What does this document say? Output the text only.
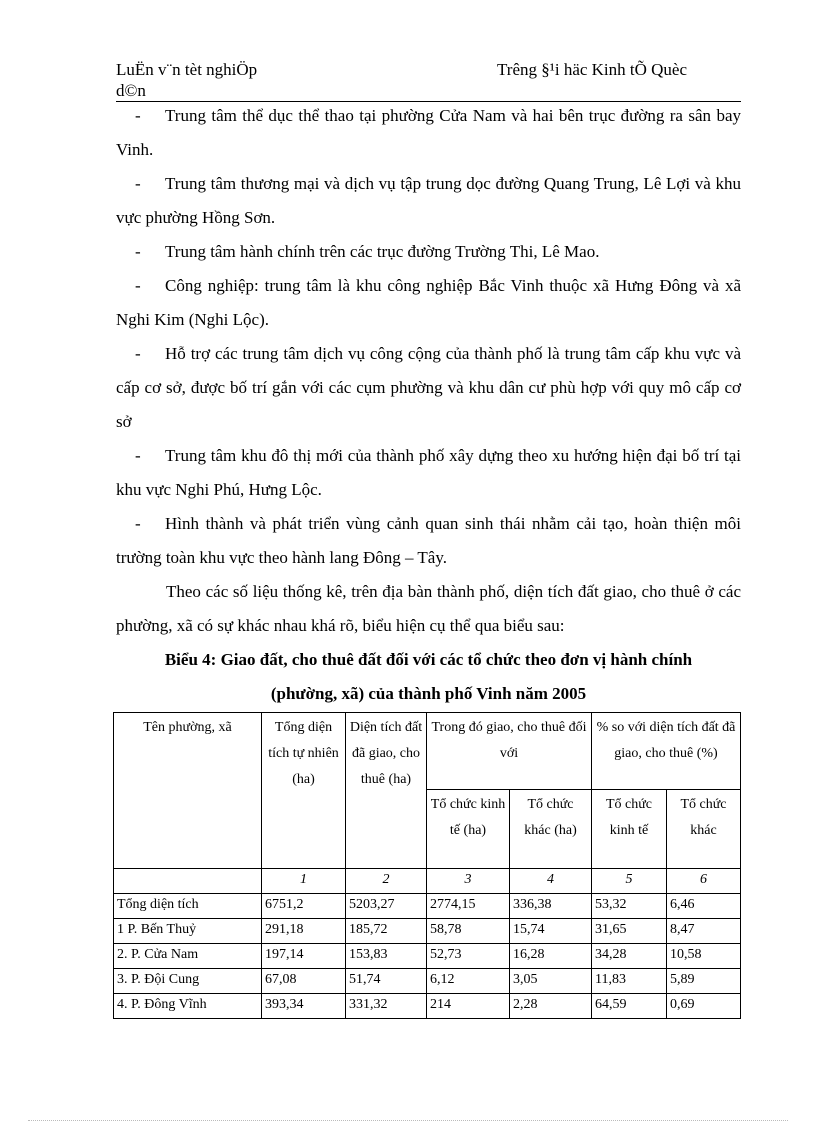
LuËn v¨n tèt nghiÖp
d©n
Trêng §¹i häc Kinh tÕ Quèc

- Trung tâm thể dục thể thao tại phường Cửa Nam và hai bên trục đường ra sân bay Vinh.

- Trung tâm thương mại và dịch vụ tập trung dọc đường Quang Trung, Lê Lợi và khu vực phường Hồng Sơn.

- Trung tâm hành chính trên các trục đường Trường Thi, Lê Mao.

- Công nghiệp: trung tâm là khu công nghiệp Bắc Vinh thuộc xã Hưng Đông và xã Nghi Kim (Nghi Lộc).

- Hỗ trợ các trung tâm dịch vụ công cộng của thành phố là trung tâm cấp khu vực và cấp cơ sở, được bố trí gắn với các cụm phường và khu dân cư phù hợp với quy mô cấp cơ sở

- Trung tâm khu đô thị mới của thành phố xây dựng theo xu hướng hiện đại bố trí tại khu vực Nghi Phú, Hưng Lộc.

- Hình thành và phát triển vùng cảnh quan sinh thái nhằm cải tạo, hoàn thiện môi trường toàn khu vực theo hành lang Đông – Tây.

Theo các số liệu thống kê, trên địa bàn thành phố, diện tích đất giao, cho thuê ở các phường, xã có sự khác nhau khá rõ, biểu hiện cụ thể qua biểu sau:

Biểu 4: Giao đất, cho thuê đất đối với các tổ chức theo đơn vị hành chính
(phường, xã) của thành phố Vinh năm 2005
Tên phường, xã	Tổng diện tích tự nhiên (ha)	Diện tích đất đã giao, cho thuê (ha)	Trong đó giao, cho thuê đối với		% so với diện tích đất đã giao, cho thuê (%)	
			Tổ chức kinh tế (ha)	Tổ chức khác (ha)	Tổ chức kinh tế	Tổ chức khác
	1	2	3	4	5	6
Tổng diện tích	6751,2	5203,27	2774,15	336,38	53,32	6,46
1 P. Bến Thuỷ	291,18	185,72	58,78	15,74	31,65	8,47
2. P. Cửa Nam	197,14	153,83	52,73	16,28	34,28	10,58
3. P. Đội Cung	67,08	51,74	6,12	3,05	11,83	5,89
4. P. Đông Vĩnh	393,34	331,32	214	2,28	64,59	0,69
